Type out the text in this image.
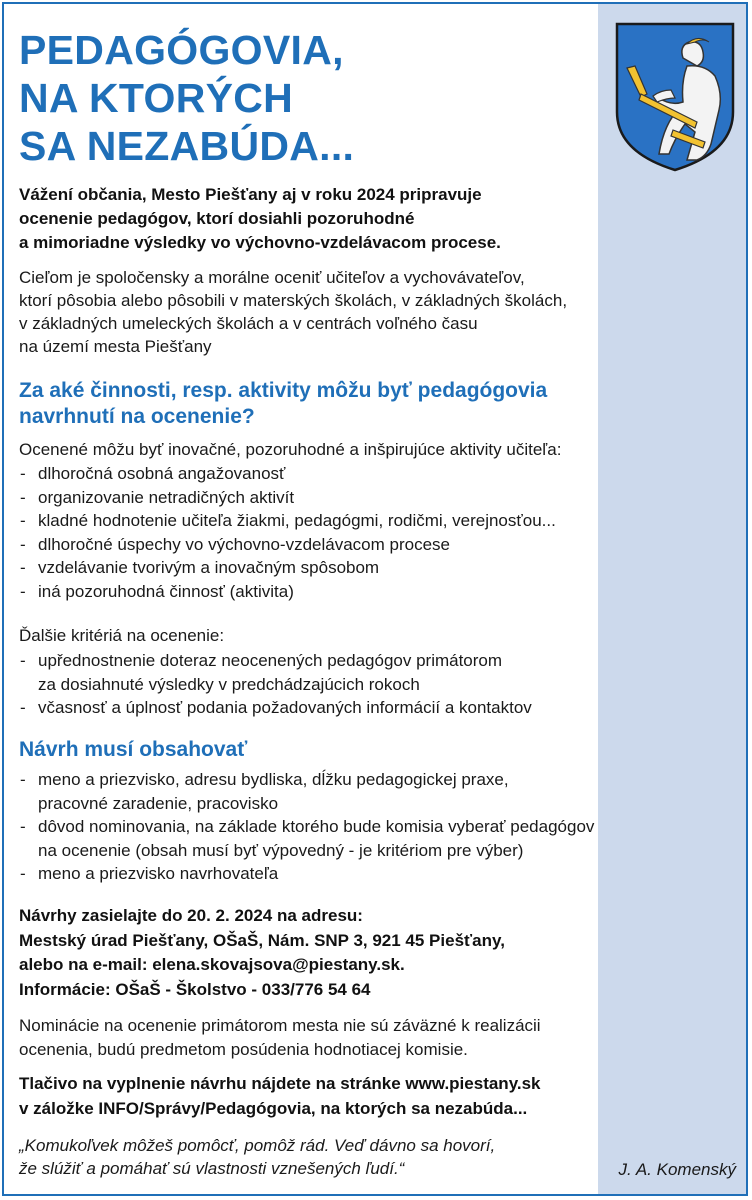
PEDAGÓGOVIA,
NA KTORÝCH
SA NEZABÚDA...

Vážení občania, Mesto Piešťany aj v roku 2024 pripravuje
ocenenie pedagógov, ktorí dosiahli pozoruhodné
a mimoriadne výsledky vo výchovno-vzdelávacom procese.

Cieľom je spoločensky a morálne oceniť učiteľov a vychovávateľov,
ktorí pôsobia alebo pôsobili v materských školách, v základných školách,
v základných umeleckých školách a v centrách voľného času
na území mesta Piešťany

Za aké činnosti, resp. aktivity môžu byť pedagógovia
navrhnutí na ocenenie?

Ocenené môžu byť inovačné, pozoruhodné a inšpirujúce aktivity učiteľa:

- dlhoročná osobná angažovanosť
- organizovanie netradičných aktivít
- kladné hodnotenie učiteľa žiakmi, pedagógmi, rodičmi, verejnosťou...
- dlhoročné úspechy vo výchovno-vzdelávacom procese
- vzdelávanie tvorivým a inovačným spôsobom
- iná pozoruhodná činnosť (aktivita)

Ďalšie kritériá na ocenenie:

- upřednostnenie doteraz neocenených pedagógov primátorom
za dosiahnuté výsledky v predchádzajúcich rokoch
- včasnosť a úplnosť podania požadovaných informácií a kontaktov
Návrh musí obsahovať
- meno a priezvisko, adresu bydliska, dĺžku pedagogickej praxe,
pracovné zaradenie, pracovisko
- dôvod nominovania, na základe ktorého bude komisia vyberať pedagógov
na ocenenie (obsah musí byť výpovedný - je kritériom pre výber)
- meno a priezvisko navrhovateľa

Návrhy zasielajte do 20. 2. 2024 na adresu:
Mestský úrad Piešťany, OŠaŠ, Nám. SNP 3, 921 45 Piešťany,
alebo na e-mail: elena.skovajsova@piestany.sk.
Informácie: OŠaŠ - Školstvo - 033/776 54 64

Nominácie na ocenenie primátorom mesta nie sú záväzné k realizácii
ocenenia, budú predmetom posúdenia hodnotiacej komisie.

Tlačivo na vyplnenie návrhu nájdete na stránke www.piestany.sk
v záložke INFO/Správy/Pedagógovia, na ktorých sa nezabúda...

„Komukoľvek môžeš pomôcť, pomôž rád. Veď dávno sa hovorí,
že slúžiť a pomáhať sú vlastnosti vznešených ľudí.“	J. A. Komenský
